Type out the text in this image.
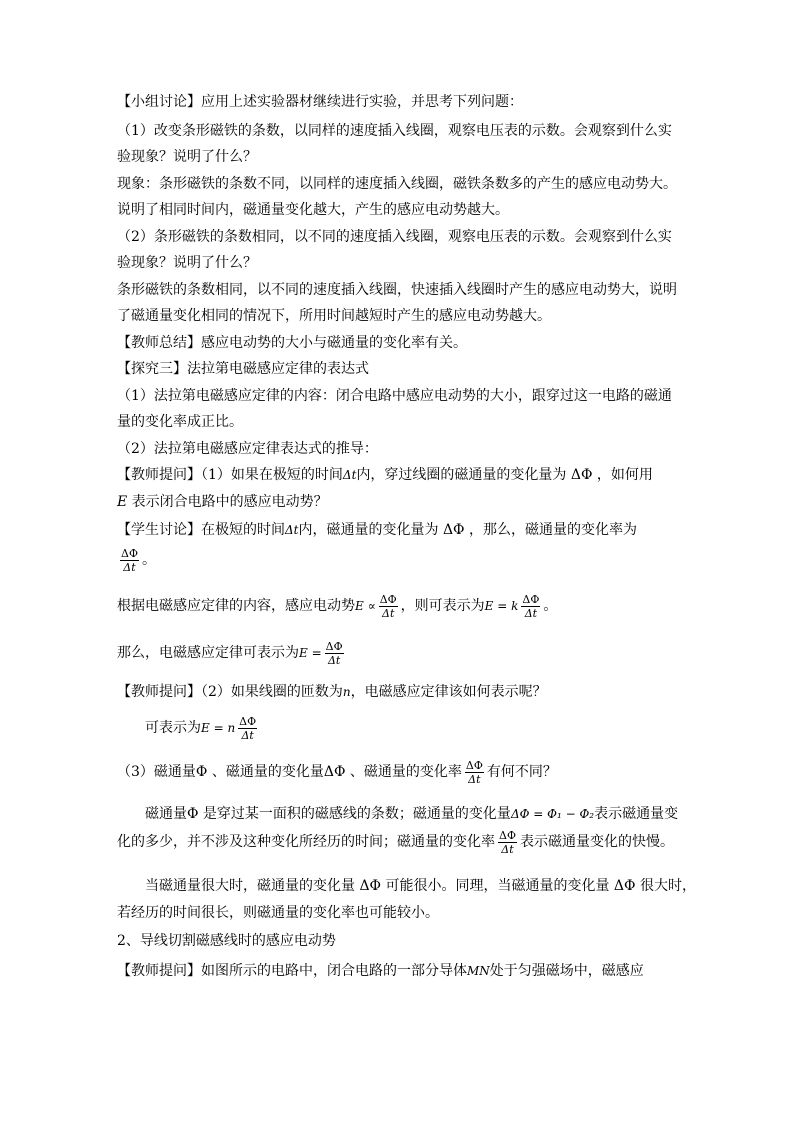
【小组讨论】应用上述实验器材继续进行实验，并思考下列问题：
（1）改变条形磁铁的条数，以同样的速度插入线圈，观察电压表的示数。会观察到什么实
验现象？说明了什么？
现象：条形磁铁的条数不同，以同样的速度插入线圈，磁铁条数多的产生的感应电动势大。
说明了相同时间内，磁通量变化越大，产生的感应电动势越大。
（2）条形磁铁的条数相同，以不同的速度插入线圈，观察电压表的示数。会观察到什么实
验现象？说明了什么？
条形磁铁的条数相同，以不同的速度插入线圈，快速插入线圈时产生的感应电动势大，说明
了磁通量变化相同的情况下，所用时间越短时产生的感应电动势越大。
【教师总结】感应电动势的大小与磁通量的变化率有关。
【探究三】法拉第电磁感应定律的表达式
（1）法拉第电磁感应定律的内容：闭合电路中感应电动势的大小，跟穿过这一电路的磁通
量的变化率成正比。
（2）法拉第电磁感应定律表达式的推导：
【教师提问】（1）如果在极短的时间Δt内，穿过线圈的磁通量的变化量为 ΔΦ ，如何用
E 表示闭合电路中的感应电动势？
【学生讨论】在极短的时间Δt内，磁通量的变化量为 ΔΦ ，那么，磁通量的变化率为
$\frac{\Delta\Phi}{\Delta t}$ 。
根据电磁感应定律的内容，感应电动势$E \propto \frac{\Delta\Phi}{\Delta t}$ ，则可表示为E = k $\frac{\Delta\Phi}{\Delta t}$ 。
那么，电磁感应定律可表示为$E = \frac{\Delta\Phi}{\Delta t}$
【教师提问】（2）如果线圈的匝数为n，电磁感应定律该如何表示呢？
可表示为E = n $\frac{\Delta\Phi}{\Delta t}$
（3）磁通量Φ 、磁通量的变化量ΔΦ 、磁通量的变化率 $\frac{\Delta\Phi}{\Delta t}$ 有何不同？
磁通量Φ 是穿过某一面积的磁感线的条数；磁通量的变化量ΔΦ = Φ₁ − Φ₂表示磁通量变
化的多少，并不涉及这种变化所经历的时间；磁通量的变化率 $\frac{\Delta\Phi}{\Delta t}$ 表示磁通量变化的快慢。
当磁通量很大时，磁通量的变化量 ΔΦ 可能很小。同理，当磁通量的变化量 ΔΦ 很大时，
若经历的时间很长，则磁通量的变化率也可能较小。
2、导线切割磁感线时的感应电动势
【教师提问】如图所示的电路中，闭合电路的一部分导体MN处于匀强磁场中，磁感应
